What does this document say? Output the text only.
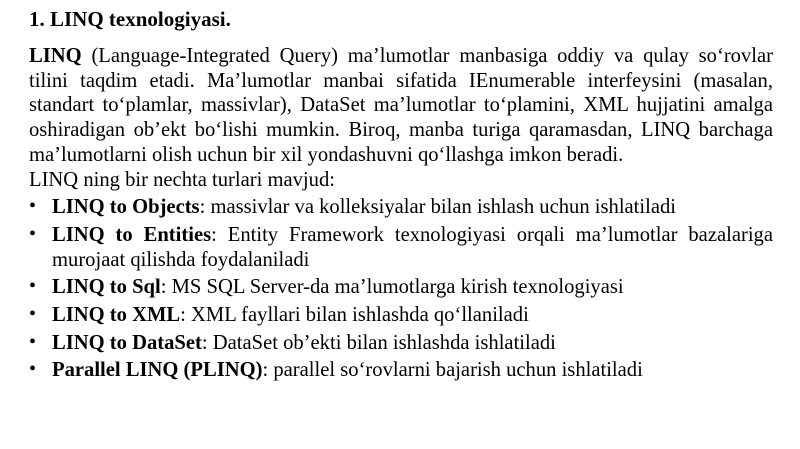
1. LINQ texnologiyasi.

LINQ (Language-Integrated Query) ma’lumotlar manbasiga oddiy va qulay so‘rovlar tilini taqdim etadi. Ma’lumotlar manbai sifatida IEnumerable interfeysini (masalan, standart to‘plamlar, massivlar), DataSet ma’lumotlar to‘plamini, XML hujjatini amalga oshiradigan ob’ekt bo‘lishi mumkin. Biroq, manba turiga qaramasdan, LINQ barchaga ma’lumotlarni olish uchun bir xil yondashuvni qo‘llashga imkon beradi.

LINQ ning bir nechta turlari mavjud:

• LINQ to Objects: massivlar va kolleksiyalar bilan ishlash uchun ishlatiladi
• LINQ to Entities: Entity Framework texnologiyasi orqali ma’lumotlar bazalariga murojaat qilishda foydalaniladi
• LINQ to Sql: MS SQL Server-da ma’lumotlarga kirish texnologiyasi
• LINQ to XML: XML fayllari bilan ishlashda qo‘llaniladi
• LINQ to DataSet: DataSet ob’ekti bilan ishlashda ishlatiladi
• Parallel LINQ (PLINQ): parallel so‘rovlarni bajarish uchun ishlatiladi
